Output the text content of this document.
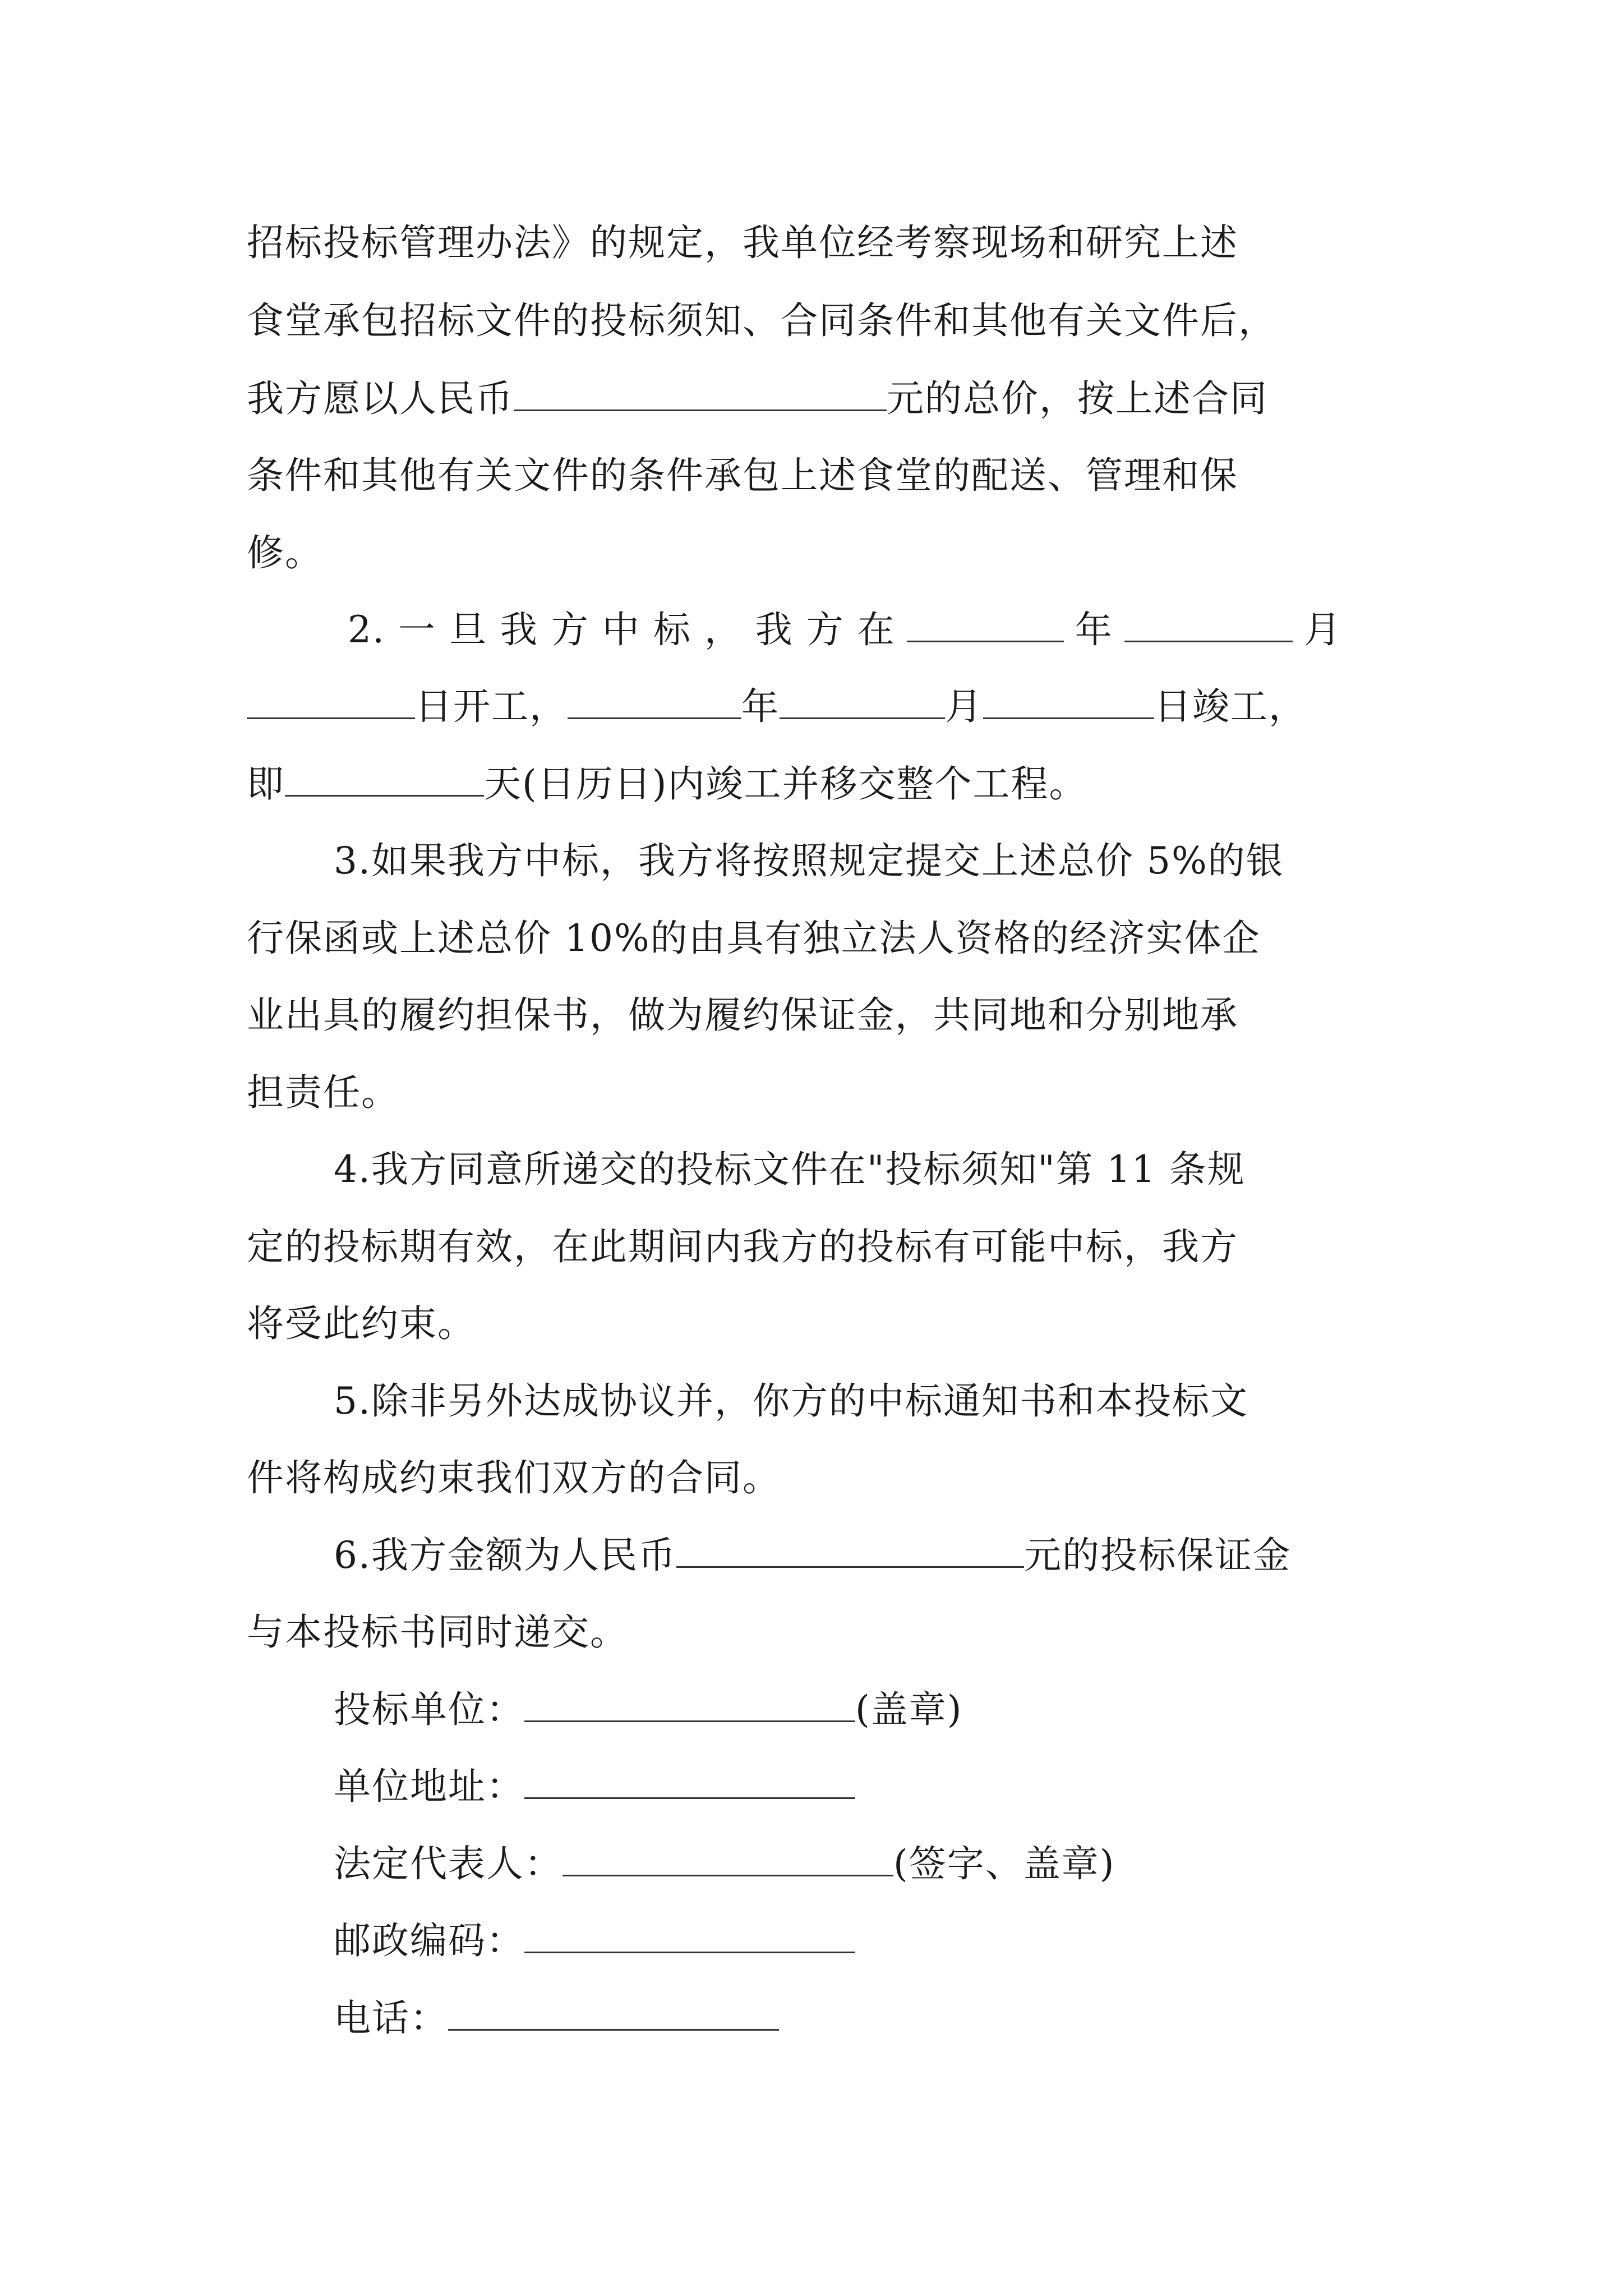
招标投标管理办法》的规定，我单位经考察现场和研究上述
食堂承包招标文件的投标须知、合同条件和其他有关文件后，
我方愿以人民币	元的总价，按上述合同
条件和其他有关文件的条件承包上述食堂的配送、管理和保
修。
2. 一 旦 我 方 中 标 ， 我 方 在	年	月
日开工，	年	月	日竣工，
即	天(日历日)内竣工并移交整个工程。
3.如果我方中标，我方将按照规定提交上述总价 5%的银
行保函或上述总价 10%的由具有独立法人资格的经济实体企
业出具的履约担保书，做为履约保证金，共同地和分别地承
担责任。
4.我方同意所递交的投标文件在"投标须知"第 11 条规
定的投标期有效，在此期间内我方的投标有可能中标，我方
将受此约束。
5.除非另外达成协议并，你方的中标通知书和本投标文
件将构成约束我们双方的合同。
6.我方金额为人民币	元的投标保证金
与本投标书同时递交。
投标单位：	(盖章)
单位地址：
法定代表人：	(签字、盖章)
邮政编码：
电话：
